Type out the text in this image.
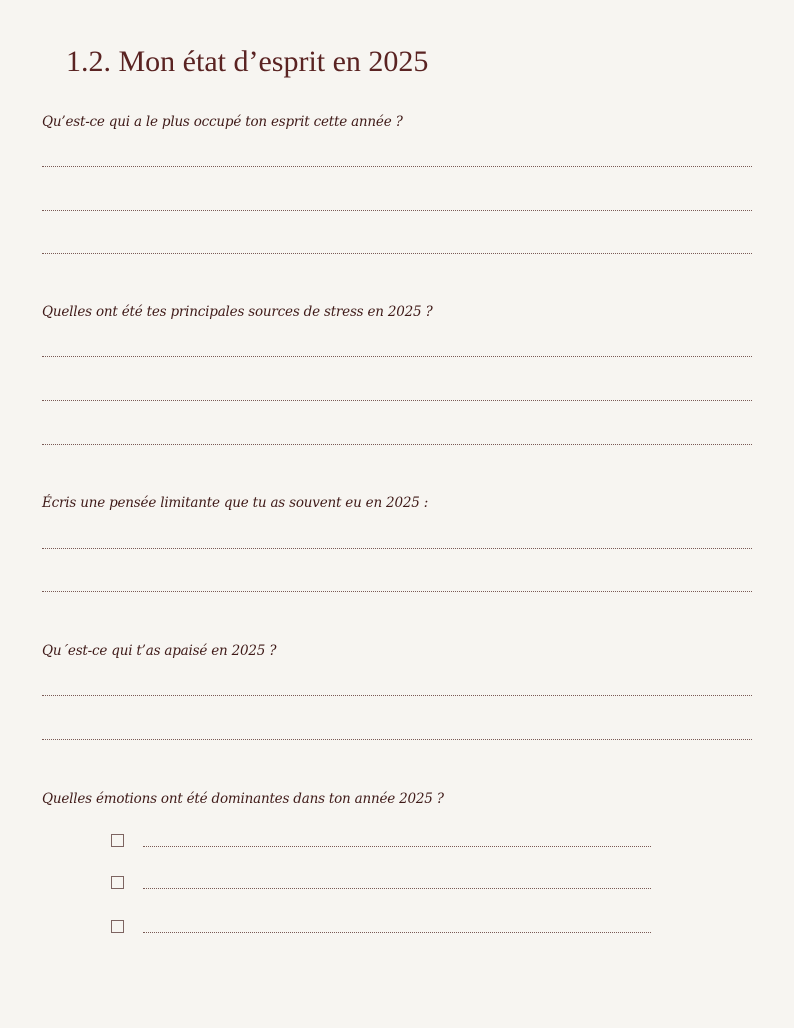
1.2. Mon état d’esprit en 2025
Qu’est-ce qui a le plus occupé ton esprit cette année ?
Quelles ont été tes principales sources de stress en 2025 ?
Écris une pensée limitante que tu as souvent eu en 2025 :
Qu´est-ce qui t’as apaisé en 2025 ?
Quelles émotions ont été dominantes dans ton année 2025 ?
